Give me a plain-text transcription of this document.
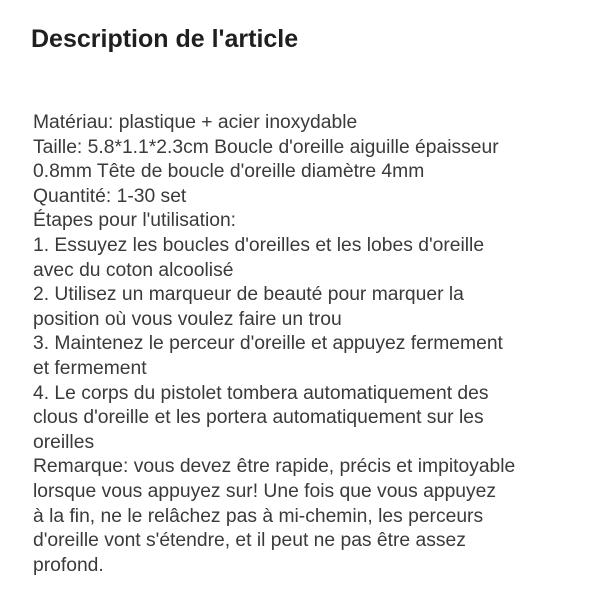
Description de l'article
Matériau: plastique + acier inoxydable
Taille: 5.8*1.1*2.3cm Boucle d'oreille aiguille épaisseur
0.8mm Tête de boucle d'oreille diamètre 4mm
Quantité: 1-30 set
Étapes pour l'utilisation:
1. Essuyez les boucles d'oreilles et les lobes d'oreille
avec du coton alcoolisé
2. Utilisez un marqueur de beauté pour marquer la
position où vous voulez faire un trou
3. Maintenez le perceur d'oreille et appuyez fermement
et fermement
4. Le corps du pistolet tombera automatiquement des
clous d'oreille et les portera automatiquement sur les
oreilles
Remarque: vous devez être rapide, précis et impitoyable
lorsque vous appuyez sur! Une fois que vous appuyez
à la fin, ne le relâchez pas à mi-chemin, les perceurs
d'oreille vont s'étendre, et il peut ne pas être assez
profond.
